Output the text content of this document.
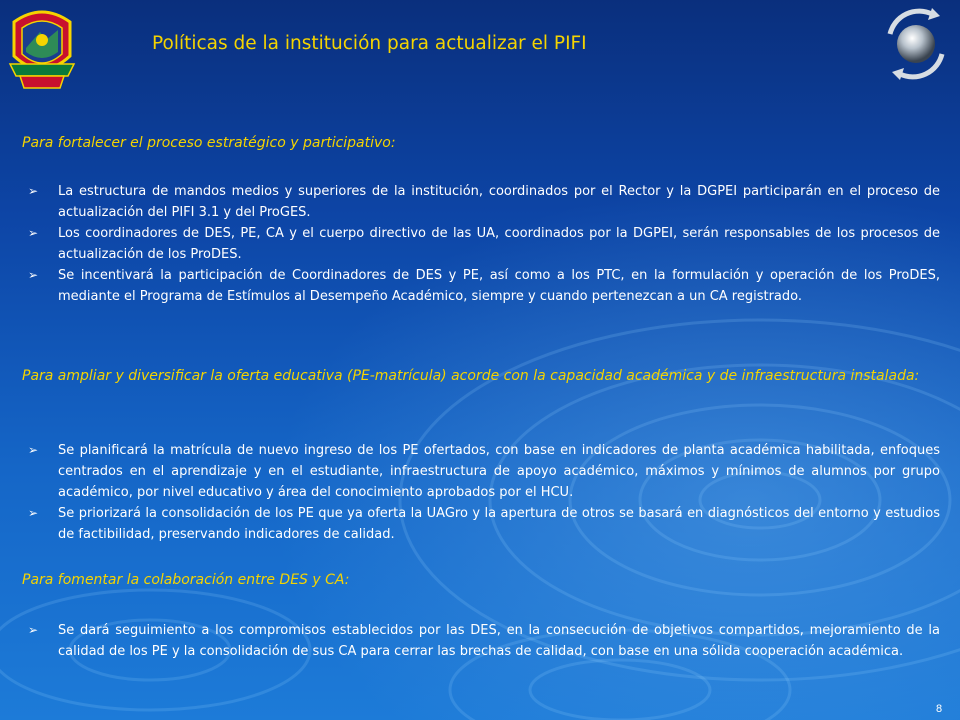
Políticas de la institución para actualizar el PIFI
Para fortalecer el proceso estratégico y participativo:
➢ La estructura de mandos medios y superiores de la institución, coordinados por el Rector y la DGPEI participarán en el proceso de actualización del PIFI 3.1 y del ProGES.
➢ Los coordinadores de DES, PE, CA y el cuerpo directivo de las UA, coordinados por la DGPEI, serán responsables de los procesos de actualización de los ProDES.
➢ Se incentivará la participación de Coordinadores de DES y PE, así como a los PTC, en la formulación y operación de los ProDES, mediante el Programa de Estímulos al Desempeño Académico, siempre y cuando pertenezcan a un CA registrado.
Para ampliar y diversificar la oferta educativa (PE-matrícula) acorde con la capacidad académica y de infraestructura instalada:
➢ Se planificará la matrícula de nuevo ingreso de los PE ofertados, con base en indicadores de planta académica habilitada, enfoques centrados en el aprendizaje y en el estudiante, infraestructura de apoyo académico, máximos y mínimos de alumnos por grupo académico, por nivel educativo y área del conocimiento aprobados por el HCU.
➢ Se priorizará la consolidación de los PE que ya oferta la UAGro y la apertura de otros se basará en diagnósticos del entorno y estudios de factibilidad, preservando indicadores de calidad.
Para fomentar la colaboración entre DES y CA:
➢ Se dará seguimiento a los compromisos establecidos por las DES, en la consecución de objetivos compartidos, mejoramiento de la calidad de los PE y la consolidación de sus CA para cerrar las brechas de calidad, con base en una sólida cooperación académica.
8
